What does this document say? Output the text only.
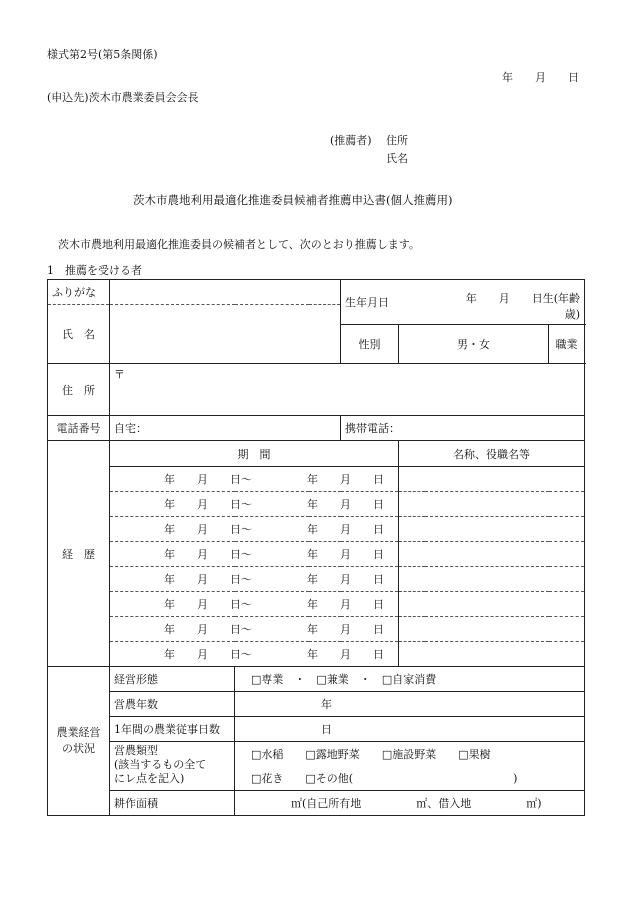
様式第2号(第5条関係)
年　　月　　日
(申込先)茨木市農業委員会会長
(推薦者) 住所
氏名
茨木市農地利用最適化推進委員候補者推薦申込書(個人推薦用)
茨木市農地利用最適化推進委員の候補者として、次のとおり推薦します。
1　推薦を受ける者
ふりがな			生年月日		年　　月　　日生(年齢　　歳)		
氏　名							
			性別	男・女		職業	
住　所	〒						
電話番号	自宅：		携帯電話：				
経　歴	期　間			名称、役職名等			

	年　　月　　日～ 年　　月　　日						

	年　　月　　日～ 年　　月　　日						

	年　　月　　日～ 年　　月　　日						

	年　　月　　日～ 年　　月　　日						

	年　　月　　日～ 年　　月　　日						

	年　　月　　日～ 年　　月　　日						

	年　　月　　日～ 年　　月　　日						

	年　　月　　日～ 年　　月　　日						

農業経営の状況	経営形態	□ 専業　・　□ 兼業　・　□ 自家消費
	営農年数	年					
	1年間の農業従事日数	日					
	営農類型
(該当するもの全て
にレ点を記入)	□ 水稲　　 □ 露地野菜　　 □ 施設野菜　　 □ 果樹
		□ 花き　　 □ その他( )
	耕作面積	㎡(自己所有地　　　　　㎡、借入地　　　　　㎡)					
